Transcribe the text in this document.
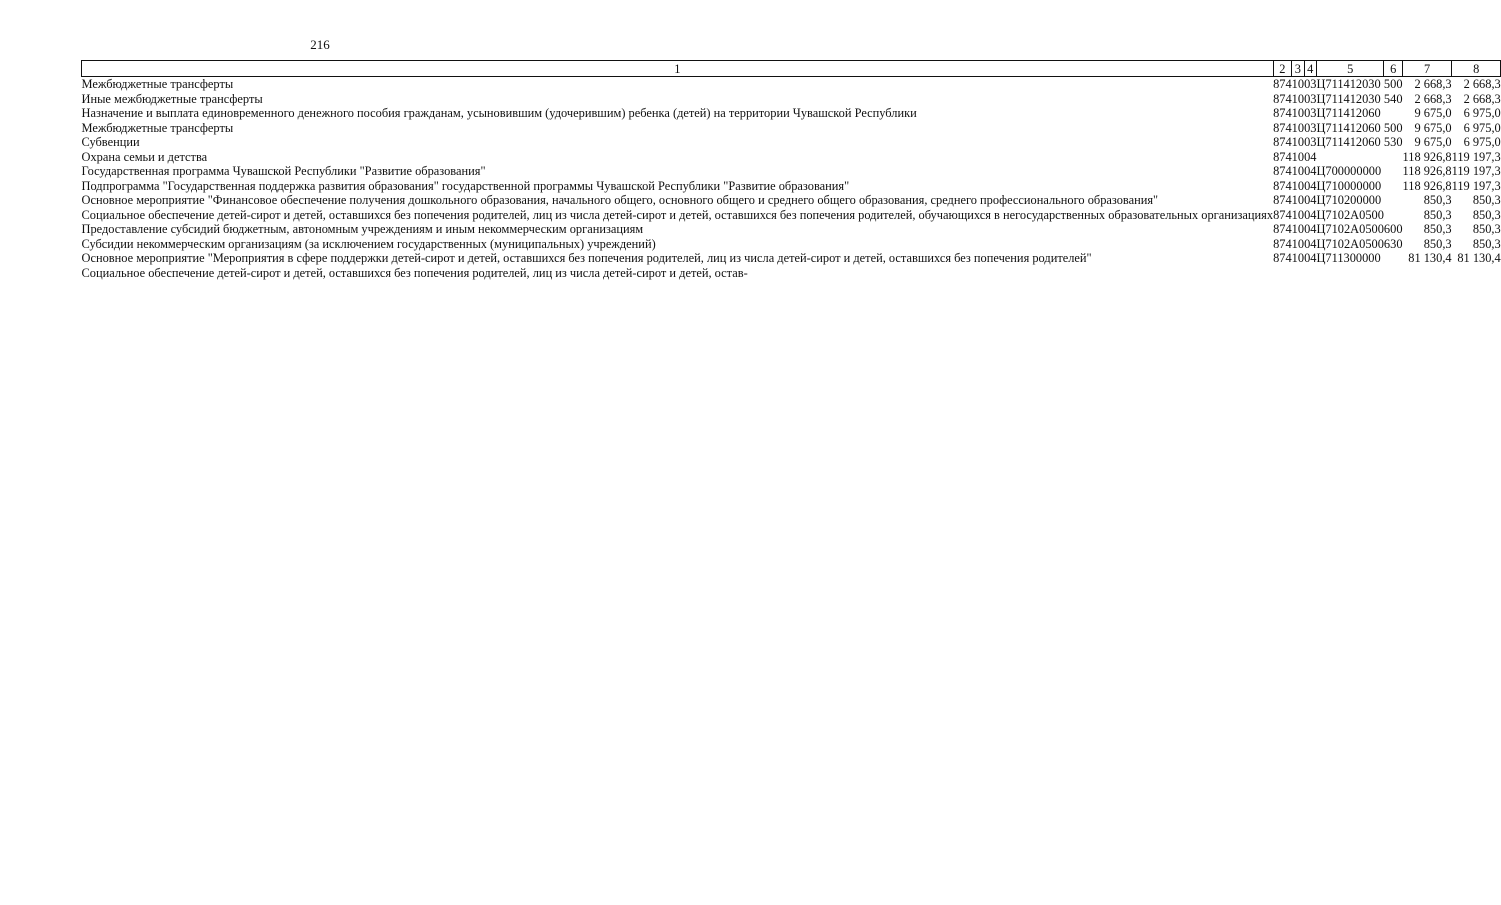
216
1	2	3	4	5	6	7	8
Межбюджетные трансферты	874	10	03	Ц711412030	500	2 668,3	2 668,3
Иные межбюджетные трансферты	874	10	03	Ц711412030	540	2 668,3	2 668,3
Назначение и выплата единовременного денежного пособия гражданам, усыновившим (удочерившим) ребенка (детей) на территории Чувашской Республики	874	10	03	Ц711412060		9 675,0	6 975,0
Межбюджетные трансферты	874	10	03	Ц711412060	500	9 675,0	6 975,0
Субвенции	874	10	03	Ц711412060	530	9 675,0	6 975,0
Охрана семьи и детства	874	10	04			118 926,8	119 197,3
Государственная программа Чувашской Республики "Развитие образования"	874	10	04	Ц700000000		118 926,8	119 197,3
Подпрограмма "Государственная поддержка развития образования" государственной программы Чувашской Республики "Развитие образования"	874	10	04	Ц710000000		118 926,8	119 197,3
Основное мероприятие "Финансовое обеспечение получения дошкольного образования, начального общего, основного общего и среднего общего образования, среднего профессионального образования"	874	10	04	Ц710200000		850,3	850,3
Социальное обеспечение детей-сирот и детей, оставшихся без попечения родителей, лиц из числа детей-сирот и детей, оставшихся без попечения родителей, обучающихся в негосударственных образовательных организациях	874	10	04	Ц7102А0500		850,3	850,3
Предоставление субсидий бюджетным, автономным учреждениям и иным некоммерческим организациям	874	10	04	Ц7102А0500	600	850,3	850,3
Субсидии некоммерческим организациям (за исключением государственных (муниципальных) учреждений)	874	10	04	Ц7102А0500	630	850,3	850,3
Основное мероприятие "Мероприятия в сфере поддержки детей-сирот и детей, оставшихся без попечения родителей, лиц из числа детей-сирот и детей, оставшихся без попечения родителей"	874	10	04	Ц711300000		81 130,4	81 130,4
Социальное обеспечение детей-сирот и детей, оставшихся без попечения родителей, лиц из числа детей-сирот и детей, остав-							
